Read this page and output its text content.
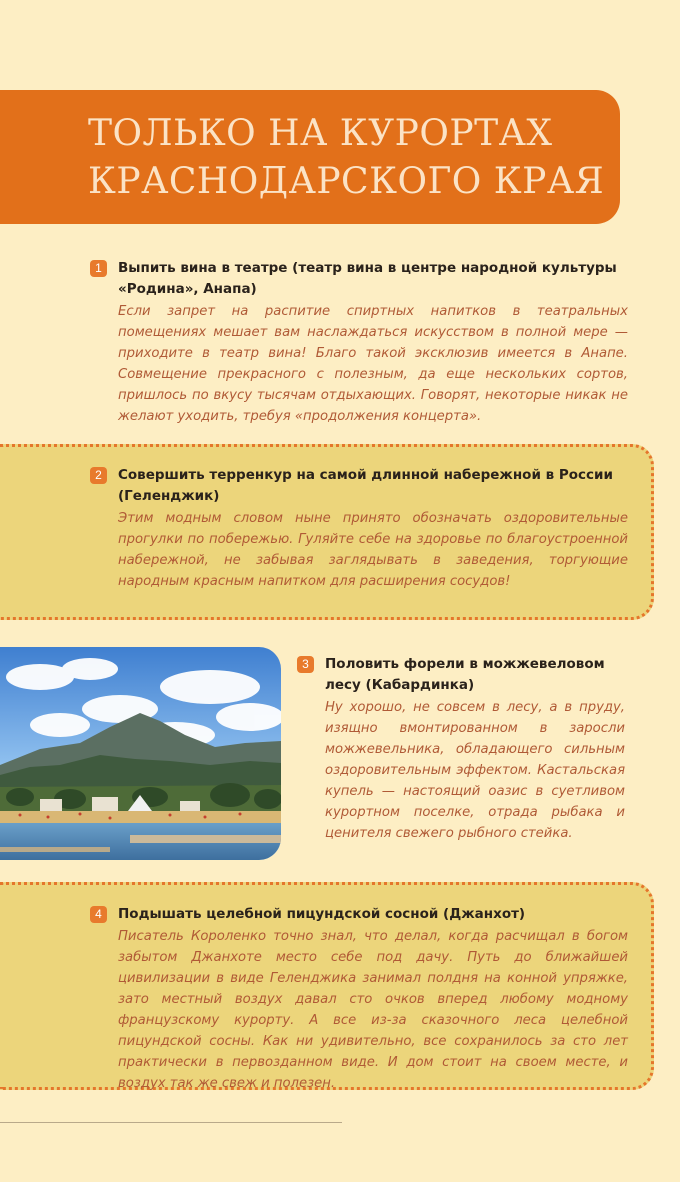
ТОЛЬКО НА КУРОРТАХ
КРАСНОДАРСКОГО КРАЯ
1	Выпить вина в театре (театр вина в центре народной культуры «Родина», Анапа)

Если запрет на распитие спиртных напитков в театральных помещениях мешает вам наслаждаться искусством в полной мере — приходите в театр вина! Благо такой эксклюзив имеется в Анапе. Совмещение прекрасного с полезным, да еще нескольких сортов, пришлось по вкусу тысячам отдыхающих. Говорят, некоторые никак не желают уходить, требуя «продолжения концерта».

2	Совершить терренкур на самой длинной набережной в России (Геленджик)

Этим модным словом ныне принято обозначать оздоровительные прогулки по побережью. Гуляйте себе на здоровье по благоустроенной набережной, не забывая заглядывать в заведения, торгующие народным красным напитком для расширения сосудов!

3	Половить форели в можжевеловом лесу (Кабардинка)

Ну хорошо, не совсем в лесу, а в пруду, изящно вмонтированном в заросли можжевельника, обладающего сильным оздоровительным эффектом. Кастальская купель — настоящий оазис в суетливом курортном поселке, отрада рыбака и ценителя свежего рыбного стейка.

4	Подышать целебной пицундской сосной (Джанхот)

Писатель Короленко точно знал, что делал, когда расчищал в богом забытом Джанхоте место себе под дачу. Путь до ближайшей цивилизации в виде Геленджика занимал полдня на конной упряжке, зато местный воздух давал сто очков вперед любому модному французскому курорту. А все из-за сказочного леса целебной пицундской сосны. Как ни удивительно, все сохранилось за сто лет практически в первозданном виде. И дом стоит на своем месте, и воздух так же свеж и полезен.
